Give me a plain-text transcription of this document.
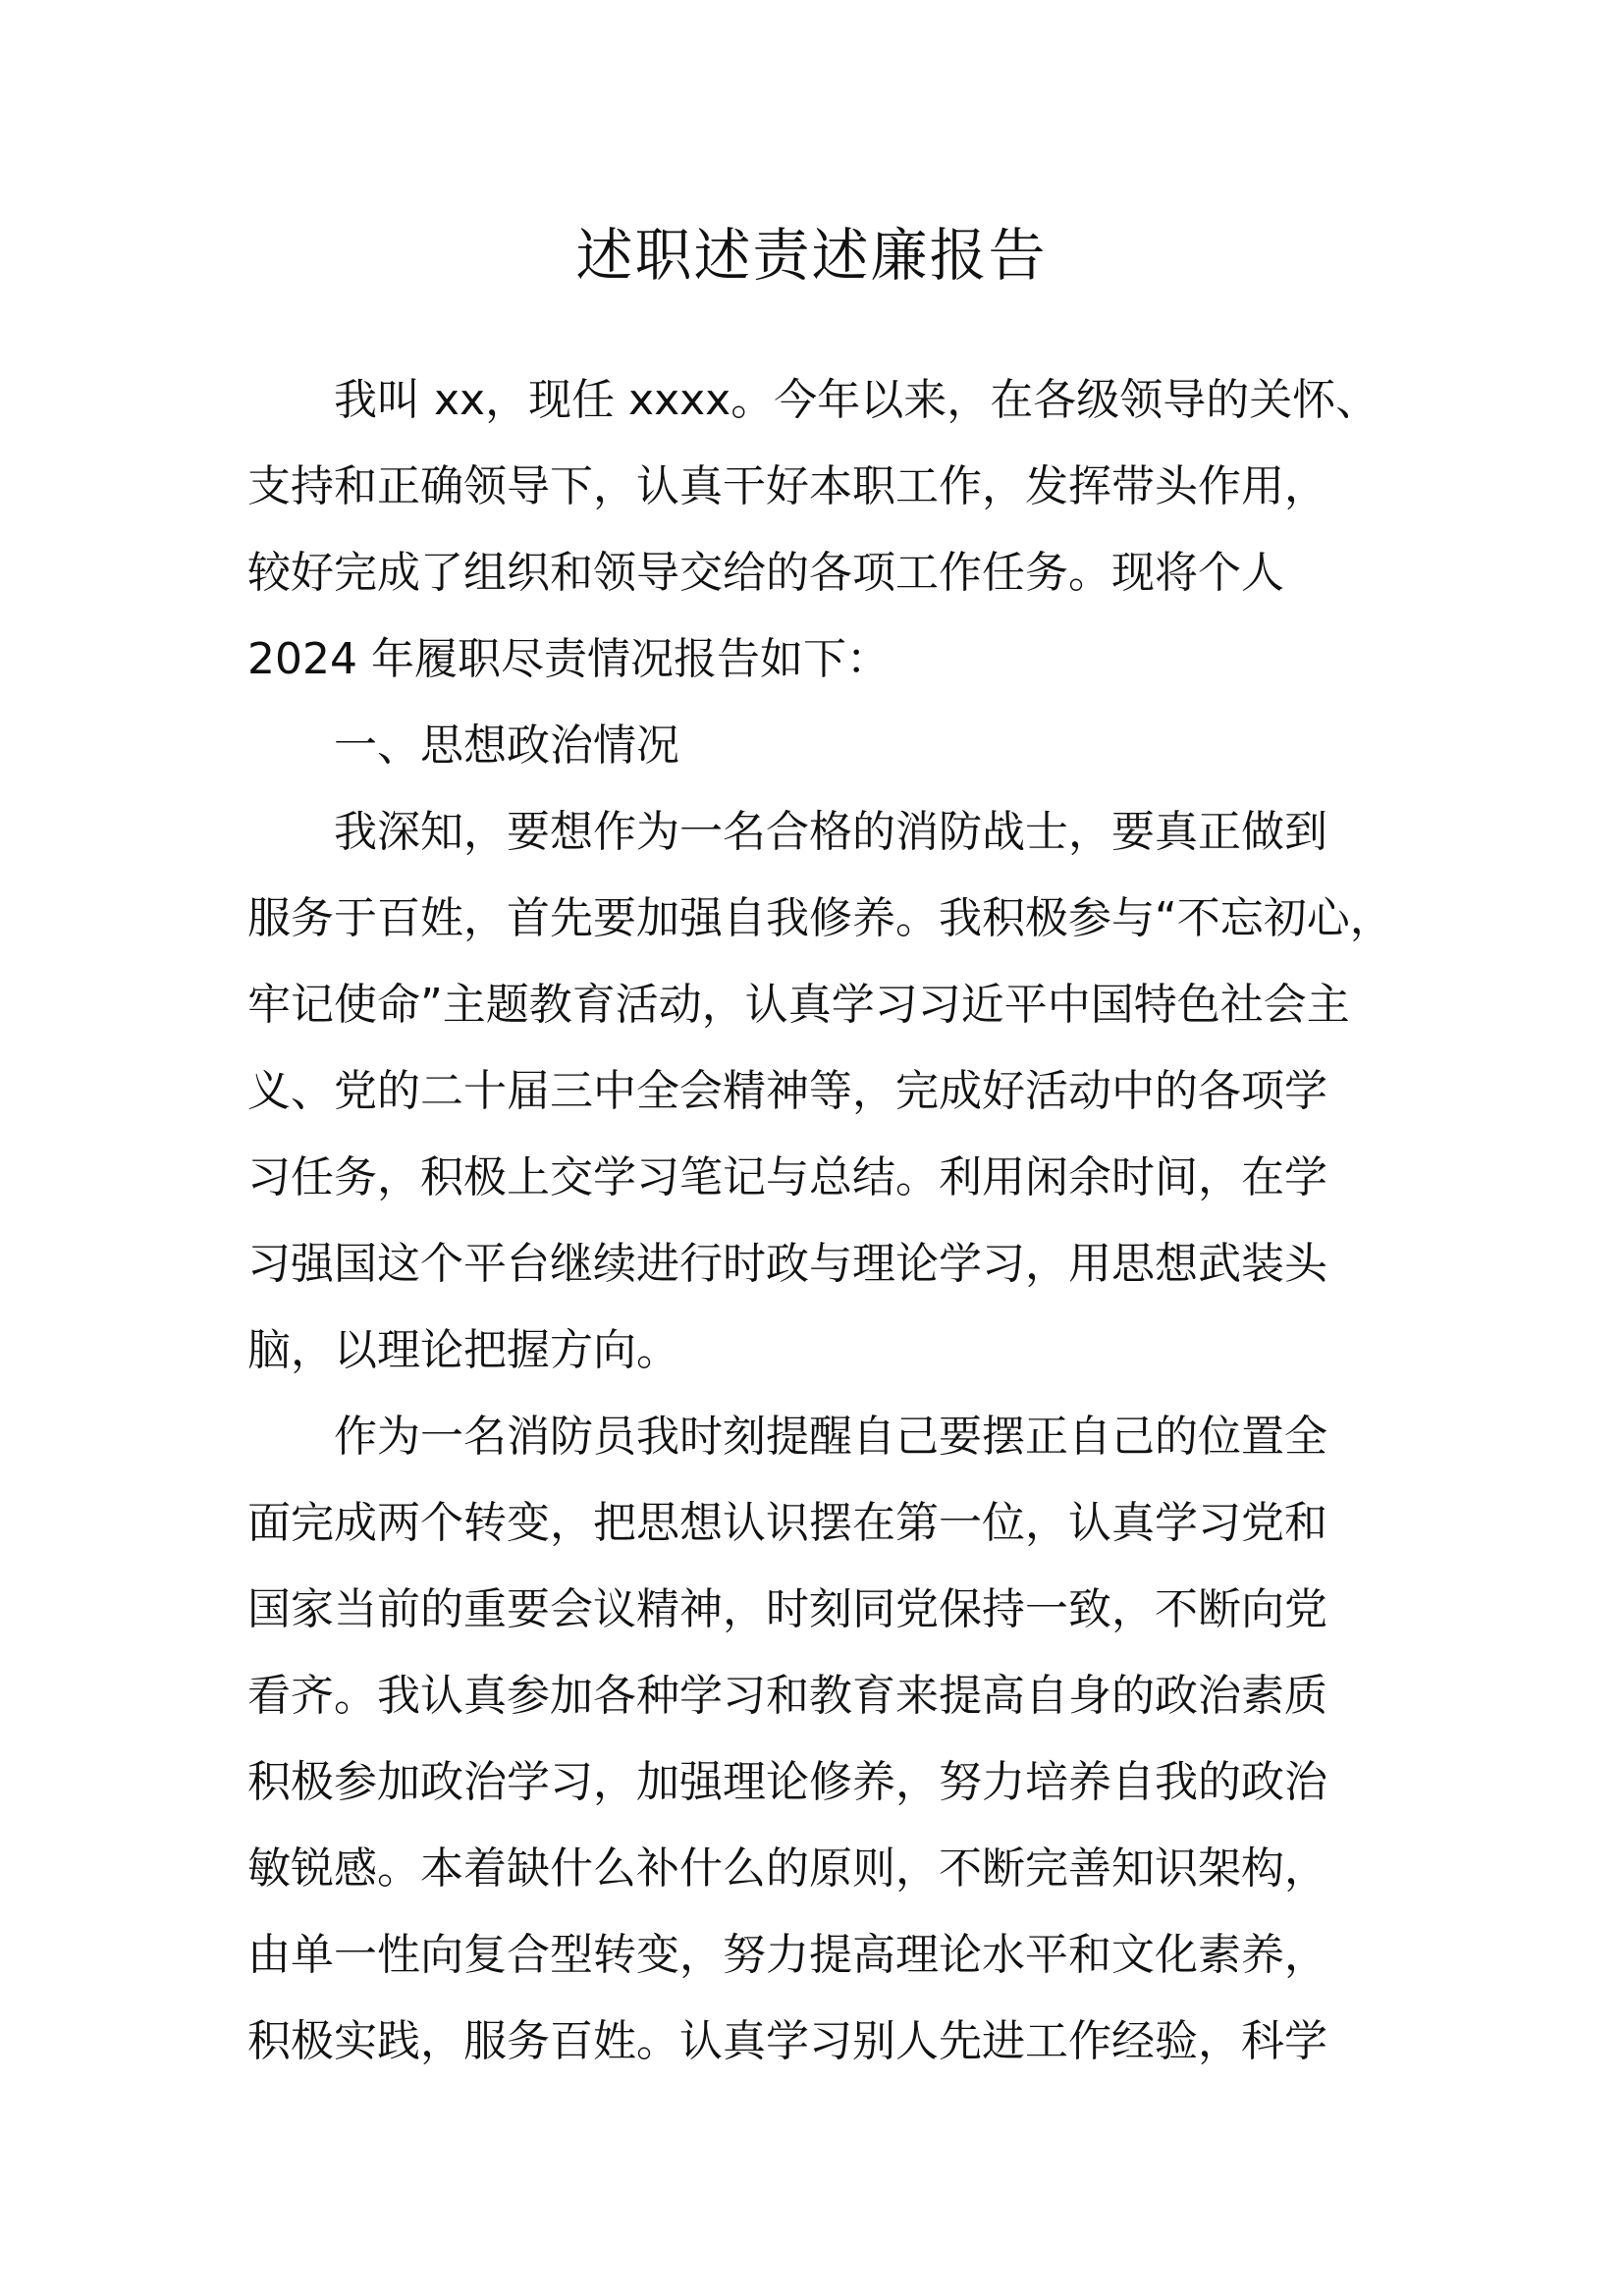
述职述责述廉报告

我叫 xx，现任 xxxx。今年以来，在各级领导的关怀、

支持和正确领导下，认真干好本职工作，发挥带头作用，

较好完成了组织和领导交给的各项工作任务。现将个人

2024 年履职尽责情况报告如下：

一、思想政治情况

我深知，要想作为一名合格的消防战士，要真正做到

服务于百姓，首先要加强自我修养。我积极参与“不忘初心，

牢记使命”主题教育活动，认真学习习近平中国特色社会主

义、党的二十届三中全会精神等，完成好活动中的各项学

习任务，积极上交学习笔记与总结。利用闲余时间，在学

习强国这个平台继续进行时政与理论学习，用思想武装头

脑，以理论把握方向。

作为一名消防员我时刻提醒自己要摆正自己的位置全

面完成两个转变，把思想认识摆在第一位，认真学习党和

国家当前的重要会议精神，时刻同党保持一致，不断向党

看齐。我认真参加各种学习和教育来提高自身的政治素质

积极参加政治学习，加强理论修养，努力培养自我的政治

敏锐感。本着缺什么补什么的原则，不断完善知识架构，

由单一性向复合型转变，努力提高理论水平和文化素养，

积极实践，服务百姓。认真学习别人先进工作经验，科学
